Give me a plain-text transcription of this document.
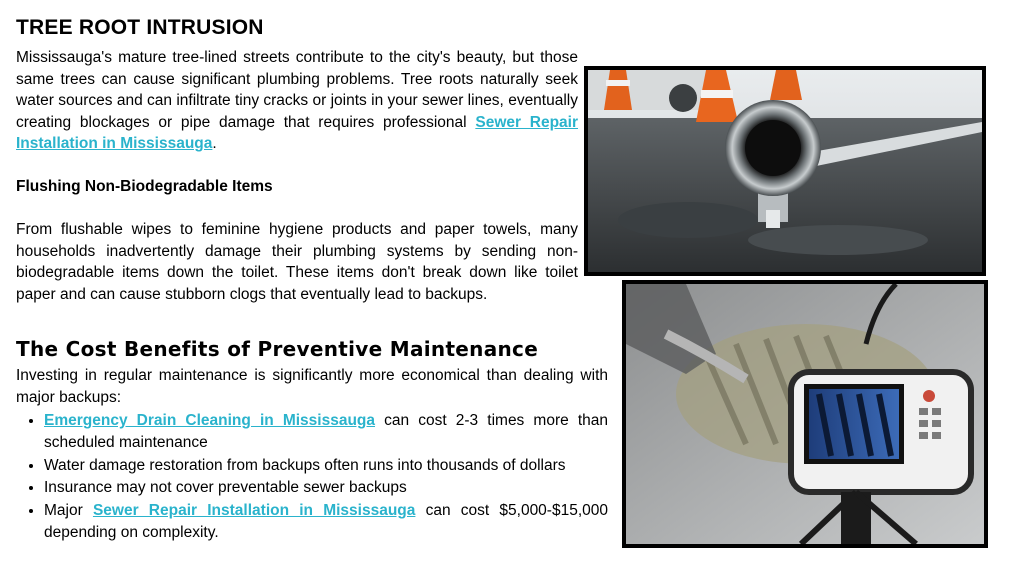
TREE ROOT INTRUSION
Mississauga's mature tree-lined streets contribute to the city's beauty, but those same trees can cause significant plumbing problems. Tree roots naturally seek water sources and can infiltrate tiny cracks or joints in your sewer lines, eventually creating blockages or pipe damage that requires professional Sewer Repair Installation in Mississauga.
Flushing Non-Biodegradable Items
From flushable wipes to feminine hygiene products and paper towels, many households inadvertently damage their plumbing systems by sending non-biodegradable items down the toilet. These items don't break down like toilet paper and can cause stubborn clogs that eventually lead to backups.
The Cost Benefits of Preventive Maintenance
Investing in regular maintenance is significantly more economical than dealing with major backups:
• Emergency Drain Cleaning in Mississauga can cost 2-3 times more than scheduled maintenance
• Water damage restoration from backups often runs into thousands of dollars
• Insurance may not cover preventable sewer backups
• Major Sewer Repair Installation in Mississauga can cost $5,000-$15,000 depending on complexity.
